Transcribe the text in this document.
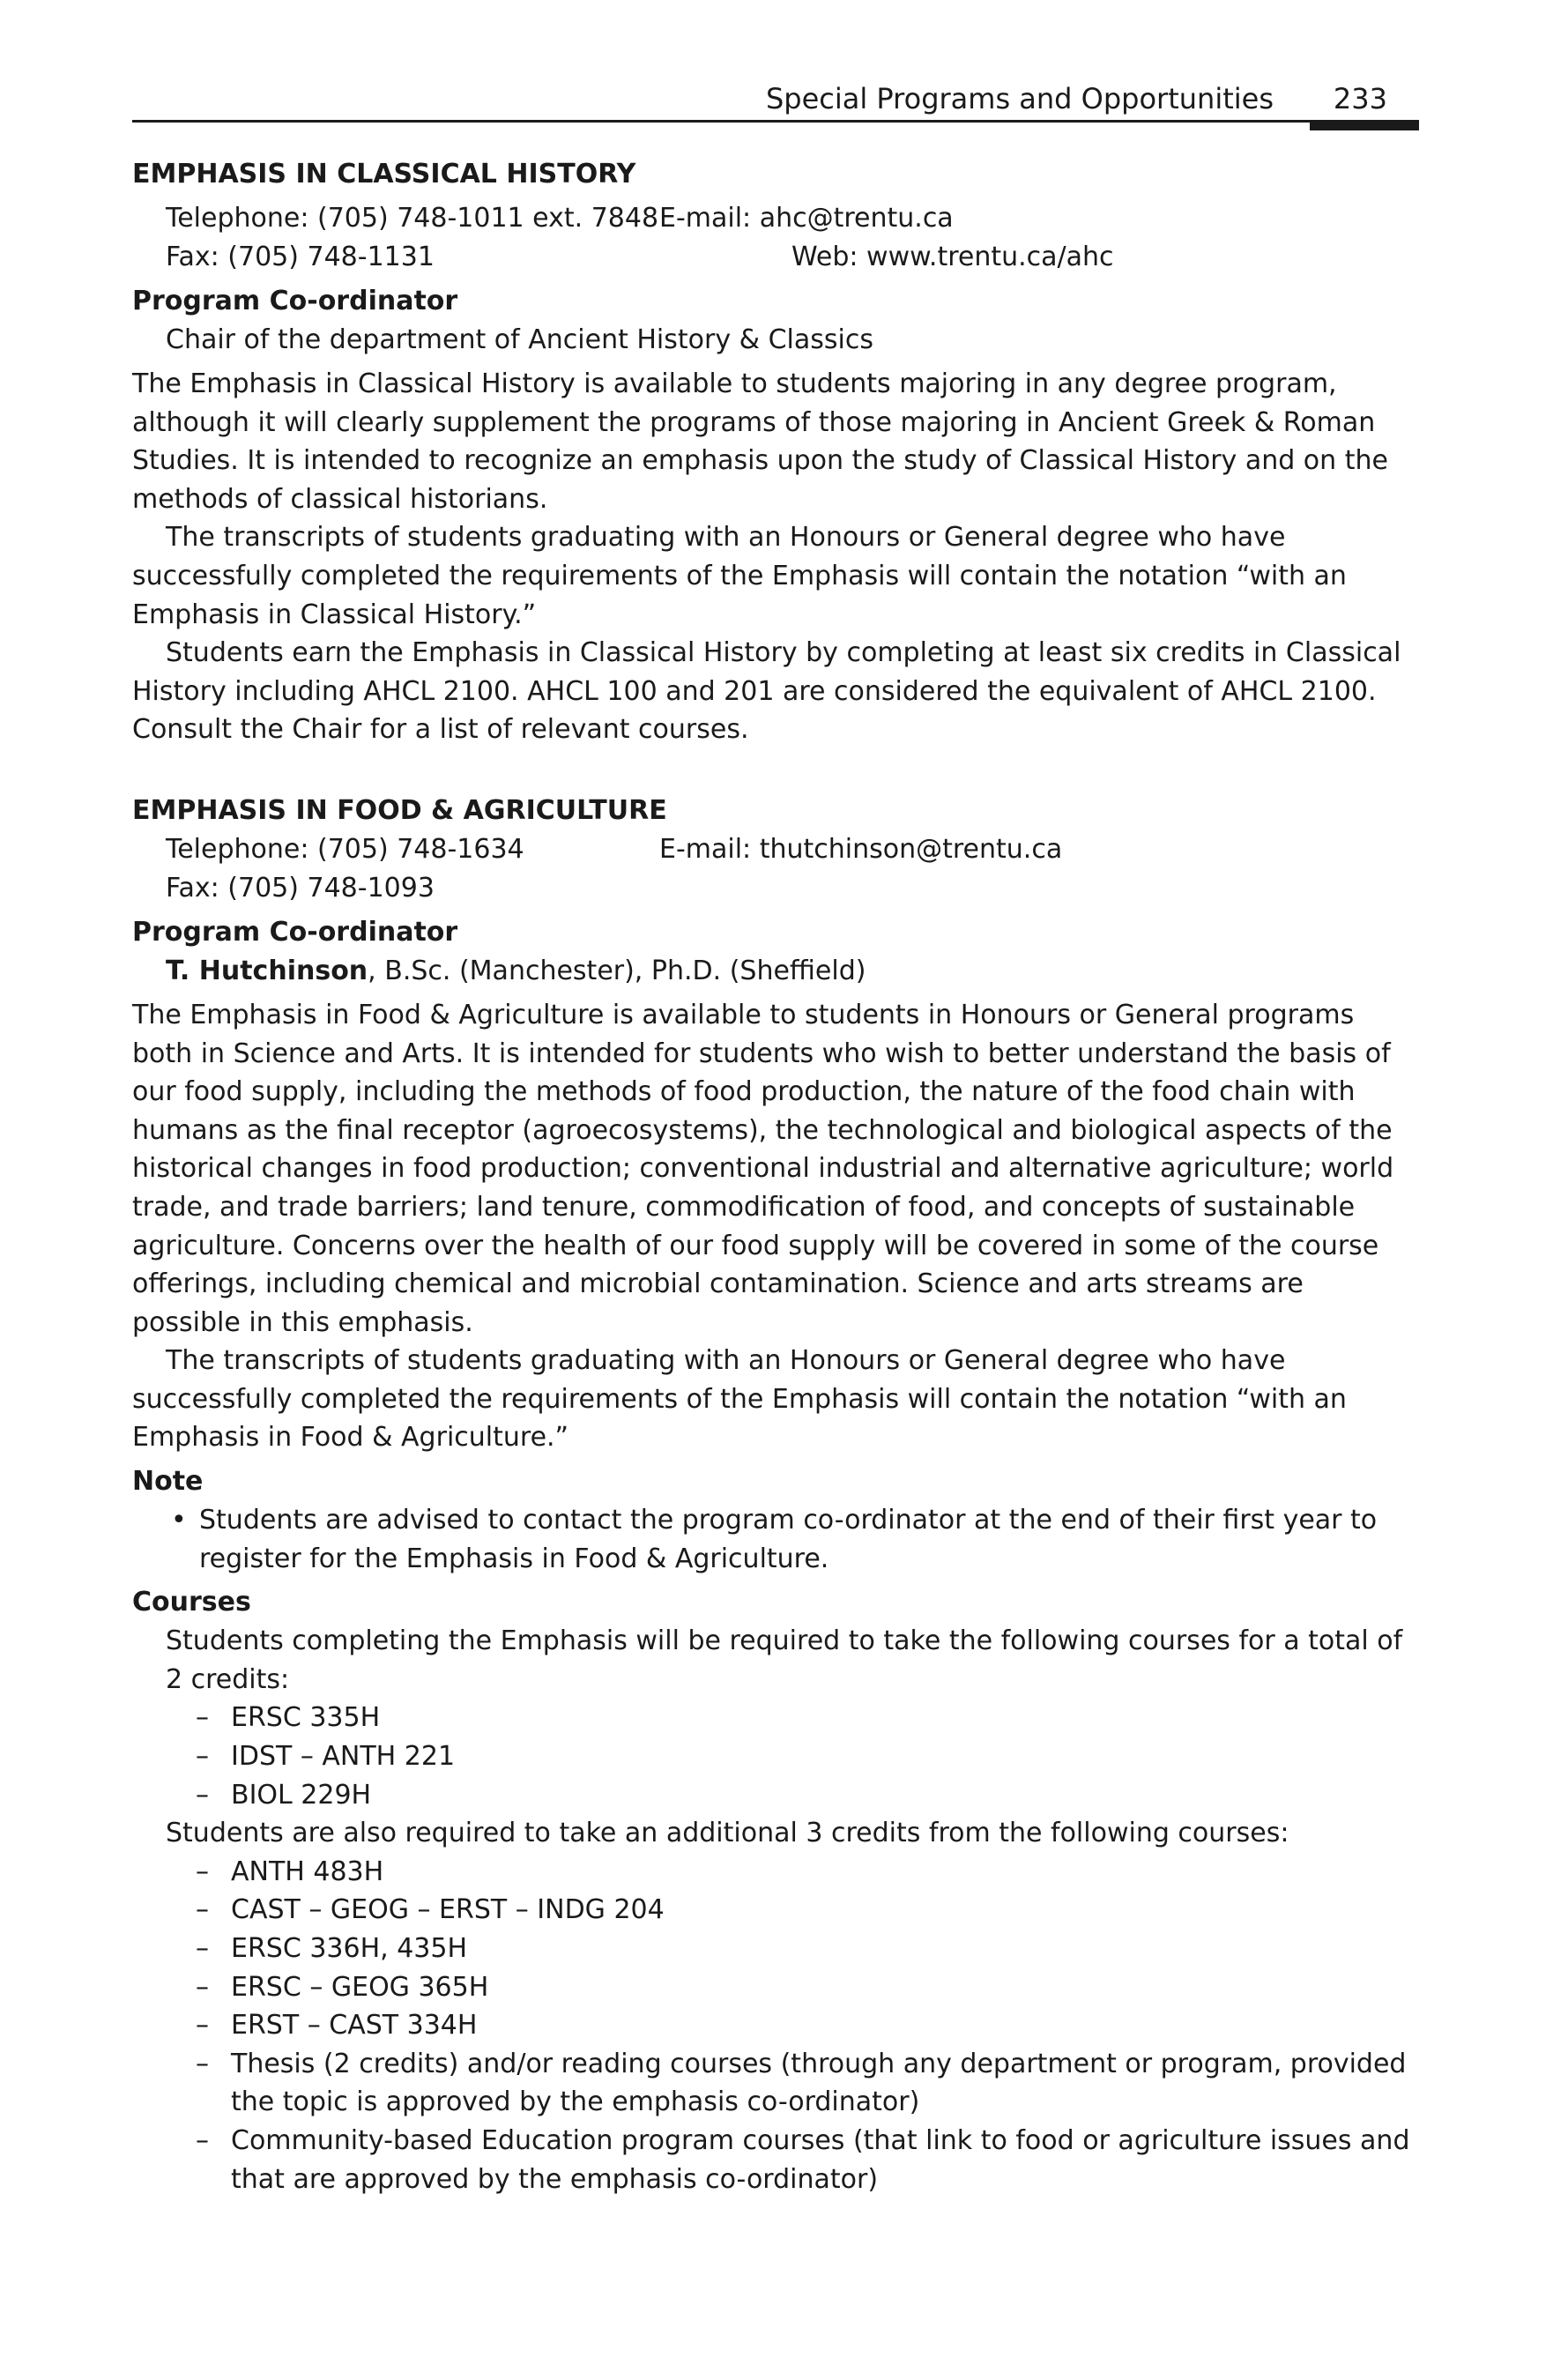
Special Programs and Opportunities 233
EMPHASIS IN CLASSICAL HISTORY
Telephone: (705) 748-1011 ext. 7848 E-mail: ahc@trentu.ca
Fax: (705) 748-1131	Web: www.trentu.ca/ahc
Program Co-ordinator

Chair of the department of Ancient History & Classics

The Emphasis in Classical History is available to students majoring in any degree program, although it will clearly supplement the programs of those majoring in Ancient Greek & Roman Studies. It is intended to recognize an emphasis upon the study of Classical History and on the methods of classical historians.

The transcripts of students graduating with an Honours or General degree who have successfully completed the requirements of the Emphasis will contain the notation “with an Emphasis in Classical History.”

Students earn the Emphasis in Classical History by completing at least six credits in Classical History including AHCL 2100. AHCL 100 and 201 are considered the equivalent of AHCL 2100. Consult the Chair for a list of relevant courses.

EMPHASIS IN FOOD & AGRICULTURE
Telephone: (705) 748-1634	E-mail: thutchinson@trentu.ca
Fax: (705) 748-1093
Program Co-ordinator

T. Hutchinson, B.Sc. (Manchester), Ph.D. (Sheffield)

The Emphasis in Food & Agriculture is available to students in Honours or General programs both in Science and Arts. It is intended for students who wish to better understand the basis of our food supply, including the methods of food production, the nature of the food chain with humans as the final receptor (agroecosystems), the technological and biological aspects of the historical changes in food production; conventional industrial and alternative agriculture; world trade, and trade barriers; land tenure, commodification of food, and concepts of sustainable agriculture. Concerns over the health of our food supply will be covered in some of the course offerings, including chemical and microbial contamination. Science and arts streams are possible in this emphasis.

The transcripts of students graduating with an Honours or General degree who have successfully completed the requirements of the Emphasis will contain the notation “with an Emphasis in Food & Agriculture.”

Note
• Students are advised to contact the program co-ordinator at the end of their first year to register for the Emphasis in Food & Agriculture.
Courses

Students completing the Emphasis will be required to take the following courses for a total of 2 credits:

– ERSC 335H
– IDST – ANTH 221
– BIOL 229H

Students are also required to take an additional 3 credits from the following courses:

– ANTH 483H
– CAST – GEOG – ERST – INDG 204
– ERSC 336H, 435H
– ERSC – GEOG 365H
– ERST – CAST 334H
– Thesis (2 credits) and/or reading courses (through any department or program, provided the topic is approved by the emphasis co-ordinator)
– Community-based Education program courses (that link to food or agriculture issues and that are approved by the emphasis co-ordinator)
